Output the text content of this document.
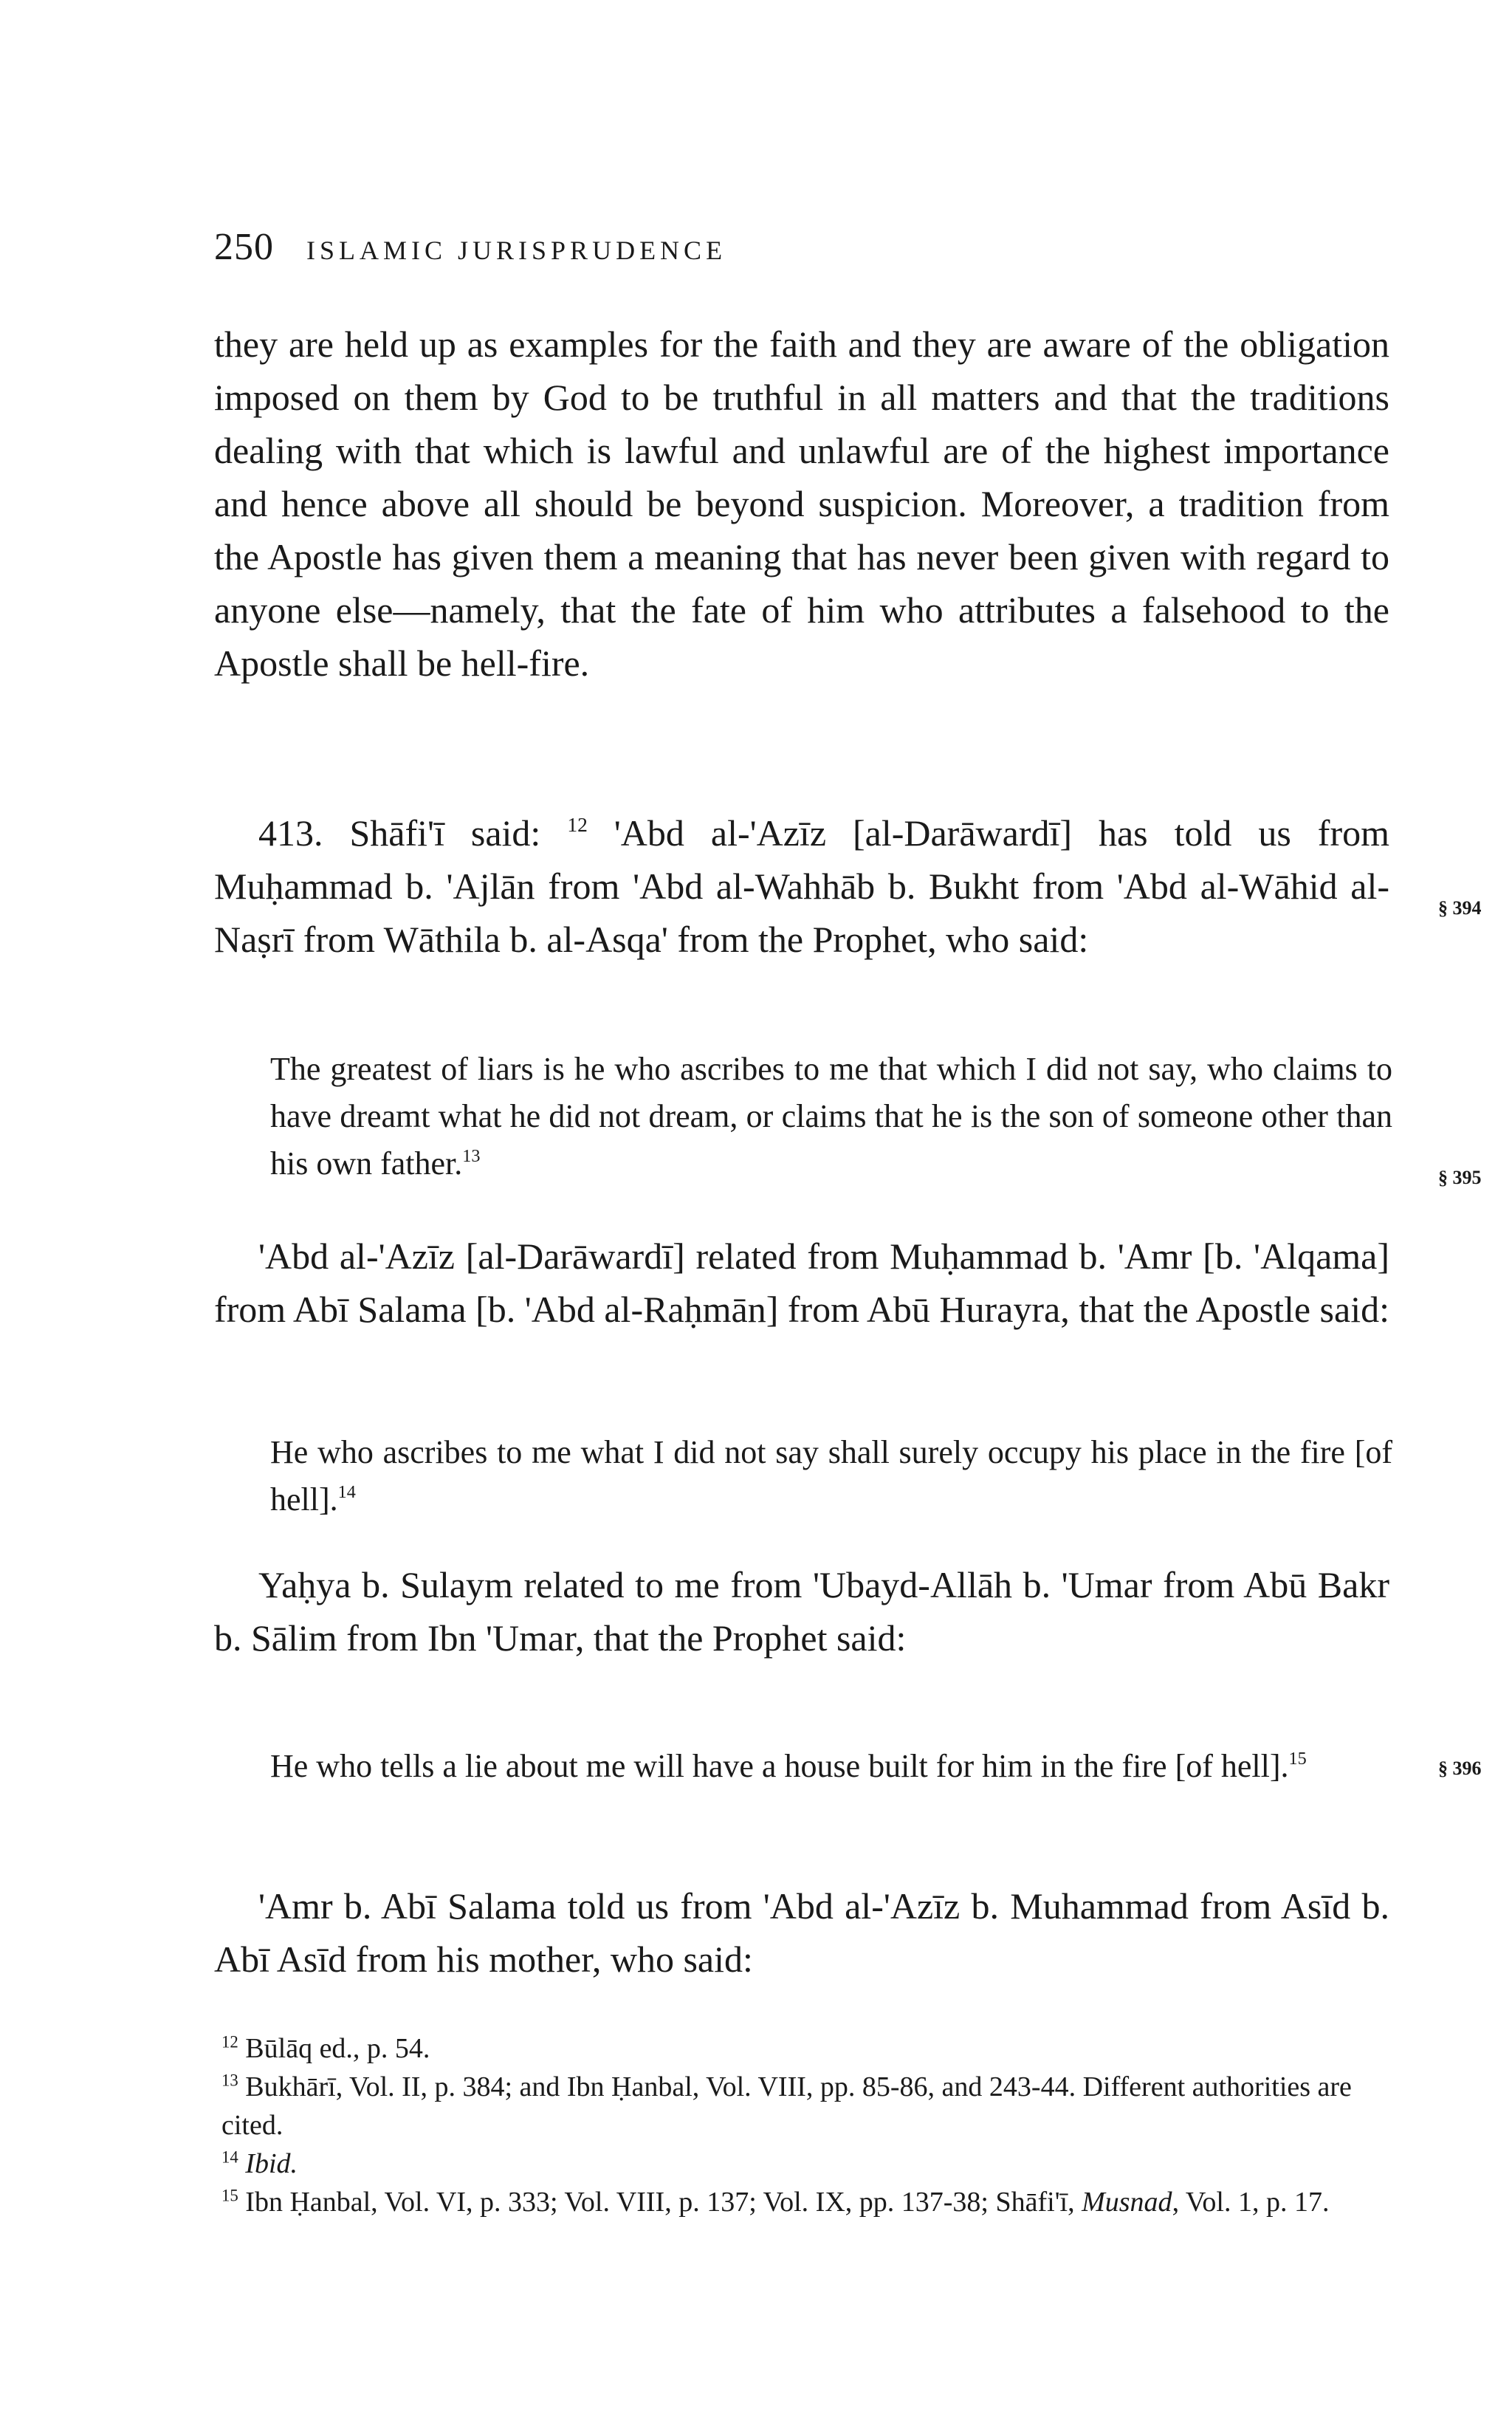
250 ISLAMIC JURISPRUDENCE

they are held up as examples for the faith and they are aware of the obligation imposed on them by God to be truthful in all matters and that the traditions dealing with that which is lawful and unlawful are of the highest importance and hence above all should be beyond suspicion. Moreover, a tradition from the Apostle has given them a meaning that has never been given with regard to anyone else—namely, that the fate of him who attributes a falsehood to the Apostle shall be hell-fire.

413. Shāfi'ī said: $^{12}$ 'Abd al-'Azīz [al-Darāwardī] has told us from Muḥammad b. 'Ajlān from 'Abd al-Wahhāb b. Bukht from 'Abd al-Wāhid al-Naṣrī from Wāthila b. al-Asqa' from the Prophet, who said:

§ 394

The greatest of liars is he who ascribes to me that which I did not say, who claims to have dreamt what he did not dream, or claims that he is the son of someone other than his own father.$^{13}$

§ 395

'Abd al-'Azīz [al-Darāwardī] related from Muḥammad b. 'Amr [b. 'Alqama] from Abī Salama [b. 'Abd al-Raḥmān] from Abū Hurayra, that the Apostle said:

He who ascribes to me what I did not say shall surely occupy his place in the fire [of hell].$^{14}$

Yaḥya b. Sulaym related to me from 'Ubayd-Allāh b. 'Umar from Abū Bakr b. Sālim from Ibn 'Umar, that the Prophet said:

He who tells a lie about me will have a house built for him in the fire [of hell].$^{15}$	§ 396

'Amr b. Abī Salama told us from 'Abd al-'Azīz b. Muhammad from Asīd b. Abī Asīd from his mother, who said:

$^{12}$ Būlāq ed., p. 54.

$^{13}$ Bukhārī, Vol. II, p. 384; and Ibn Ḥanbal, Vol. VIII, pp. 85-86, and 243-44. Different authorities are cited.

$^{14}$ Ibid.

$^{15}$ Ibn Ḥanbal, Vol. VI, p. 333; Vol. VIII, p. 137; Vol. IX, pp. 137-38; Shāfi'ī, Musnad, Vol. 1, p. 17.
